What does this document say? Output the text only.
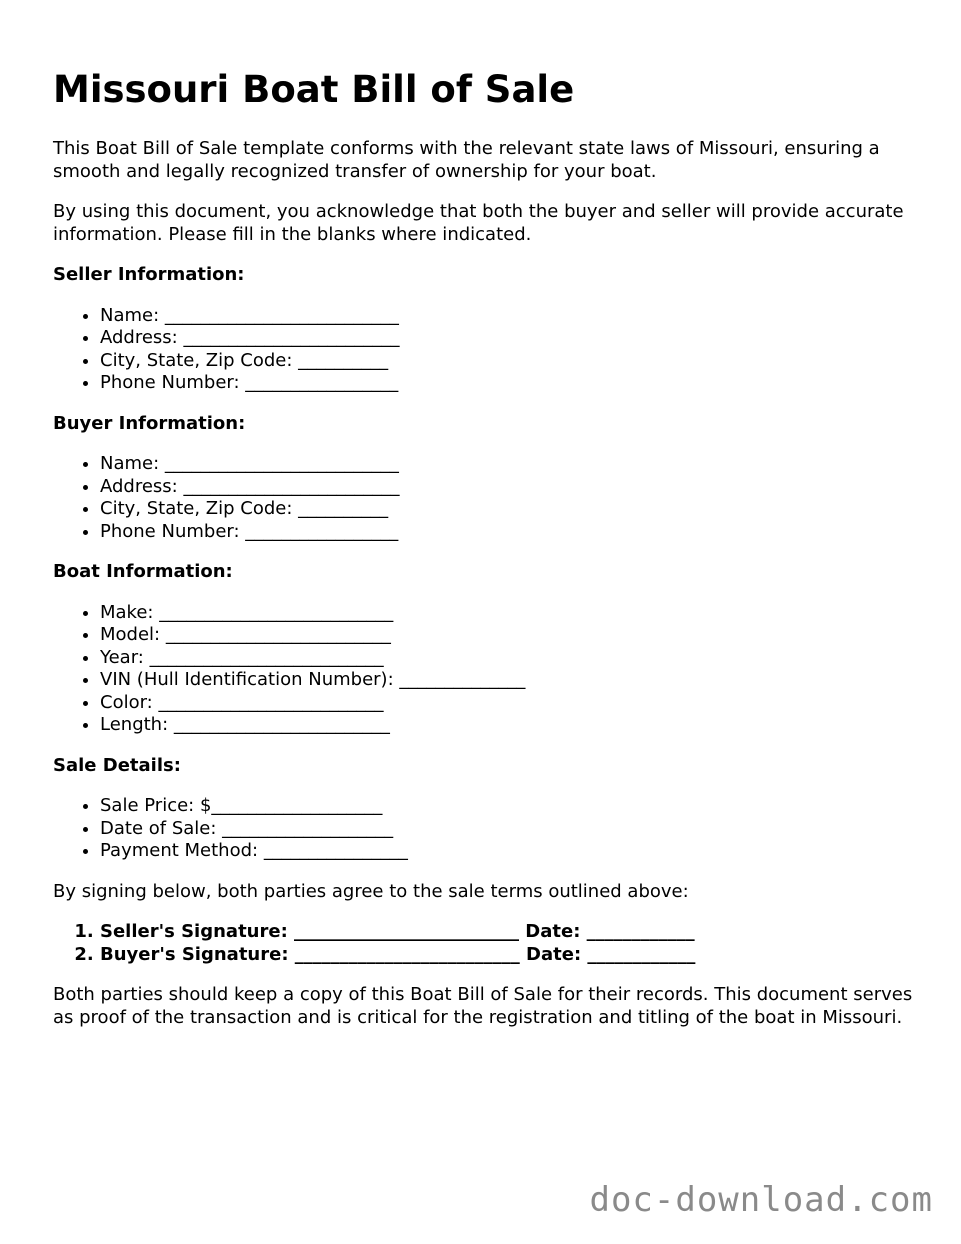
Missouri Boat Bill of Sale

This Boat Bill of Sale template conforms with the relevant state laws of Missouri, ensuring a smooth and legally recognized transfer of ownership for your boat.

By using this document, you acknowledge that both the buyer and seller will provide accurate information. Please fill in the blanks where indicated.

Seller Information:
• Name: __________________________
• Address: ________________________
• City, State, Zip Code: __________
• Phone Number: _________________
Buyer Information:
• Name: __________________________
• Address: ________________________
• City, State, Zip Code: __________
• Phone Number: _________________
Boat Information:
• Make: __________________________
• Model: _________________________
• Year: __________________________
• VIN (Hull Identification Number): ______________
• Color: _________________________
• Length: ________________________
Sale Details:
• Sale Price: $___________________
• Date of Sale: ___________________
• Payment Method: ________________

By signing below, both parties agree to the sale terms outlined above:

1. Seller's Signature: _________________________ Date: ____________
2. Buyer's Signature: _________________________ Date: ____________

Both parties should keep a copy of this Boat Bill of Sale for their records. This document serves as proof of the transaction and is critical for the registration and titling of the boat in Missouri.

doc-download.com
